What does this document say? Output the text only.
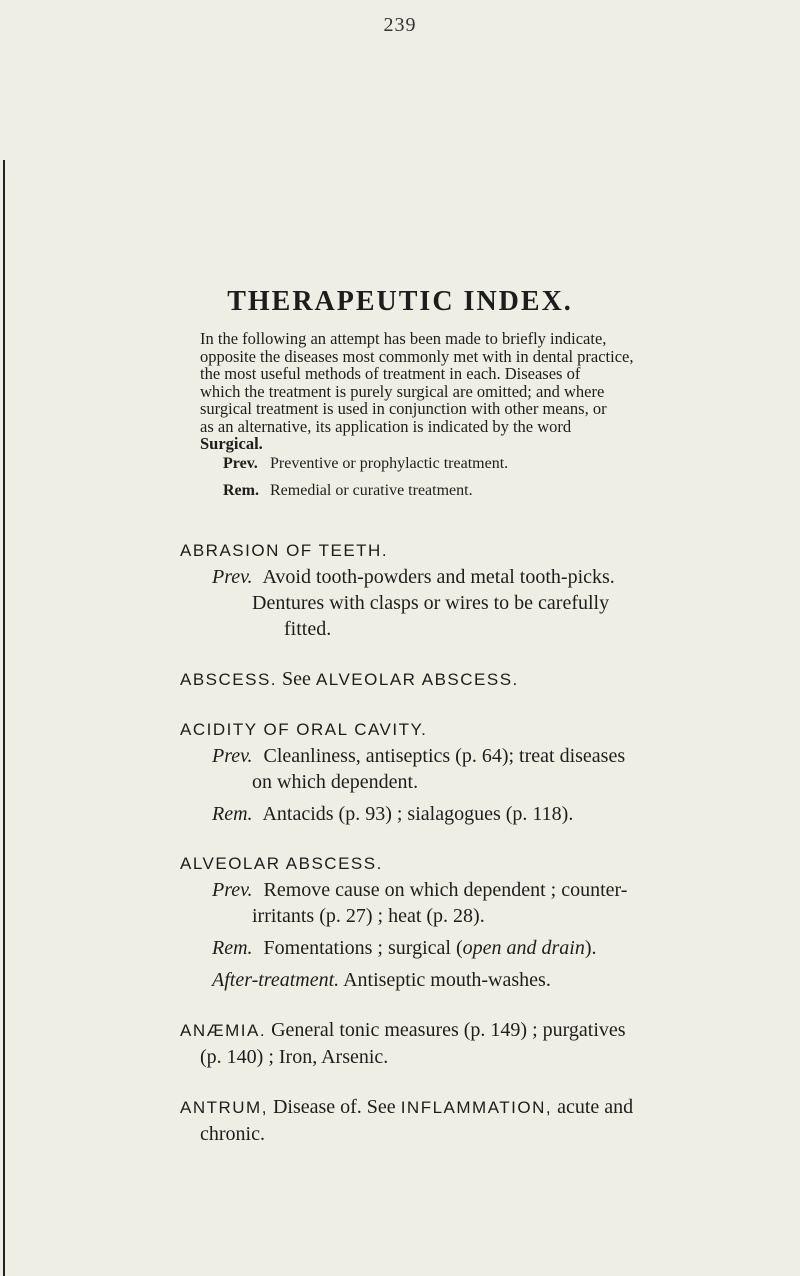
239
THERAPEUTIC INDEX.
In the following an attempt has been made to briefly indicate,
opposite the diseases most commonly met with in dental practice,
the most useful methods of treatment in each. Diseases of
which the treatment is purely surgical are omitted; and where
surgical treatment is used in conjunction with other means, or
as an alternative, its application is indicated by the word
Surgical.
Prev. Preventive or prophylactic treatment.
Rem. Remedial or curative treatment.
ABRASION OF TEETH.
Prev. Avoid tooth-powders and metal tooth-picks.
Dentures with clasps or wires to be carefully
fitted.
ABSCESS. See ALVEOLAR ABSCESS.
ACIDITY OF ORAL CAVITY.
Prev. Cleanliness, antiseptics (p. 64); treat diseases
on which dependent.
Rem. Antacids (p. 93) ; sialagogues (p. 118).
ALVEOLAR ABSCESS.
Prev. Remove cause on which dependent ; counter-
irritants (p. 27) ; heat (p. 28).
Rem. Fomentations ; surgical (open and drain).
After-treatment. Antiseptic mouth-washes.
ANÆMIA. General tonic measures (p. 149) ; purgatives
(p. 140) ; Iron, Arsenic.
ANTRUM, Disease of. See INFLAMMATION, acute and
chronic.
